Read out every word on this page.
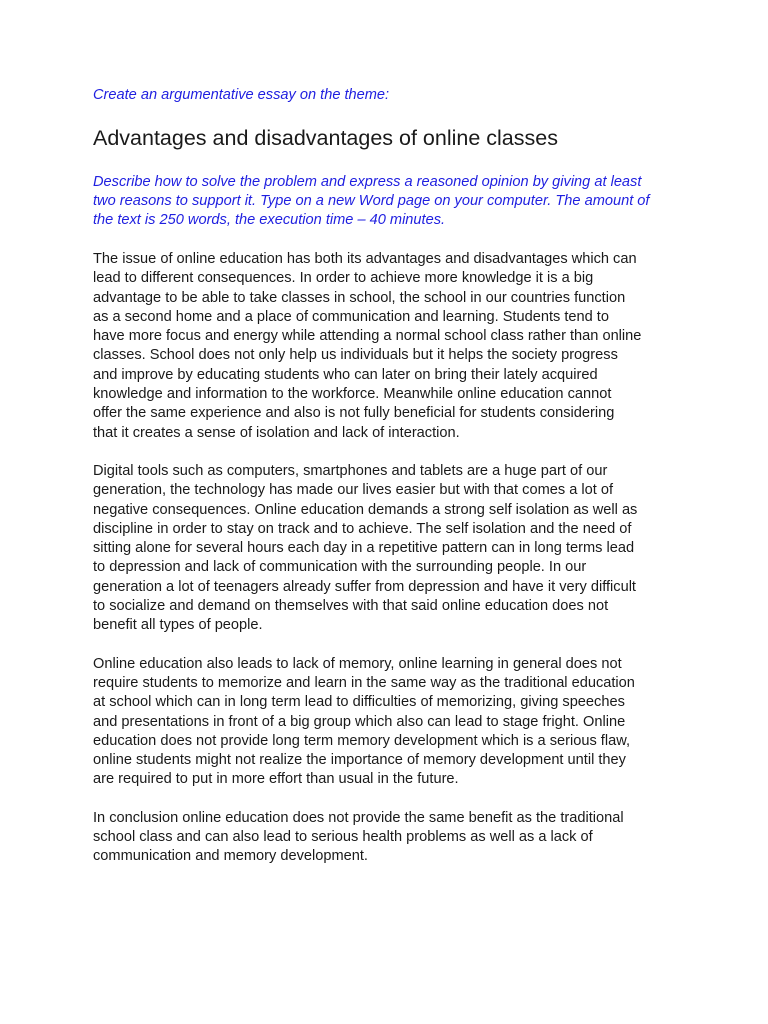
Create an argumentative essay on the theme:

Advantages and disadvantages of online classes

Describe how to solve the problem and express a reasoned opinion by giving at least
two reasons to support it. Type on a new Word page on your computer. The amount of
the text is 250 words, the execution time – 40 minutes.

The issue of online education has both its advantages and disadvantages which can
lead to different consequences. In order to achieve more knowledge it is a big
advantage to be able to take classes in school, the school in our countries function
as a second home and a place of communication and learning. Students tend to
have more focus and energy while attending a normal school class rather than online
classes. School does not only help us individuals but it helps the society progress
and improve by educating students who can later on bring their lately acquired
knowledge and information to the workforce. Meanwhile online education cannot
offer the same experience and also is not fully beneficial for students considering
that it creates a sense of isolation and lack of interaction.

Digital tools such as computers, smartphones and tablets are a huge part of our
generation, the technology has made our lives easier but with that comes a lot of
negative consequences. Online education demands a strong self isolation as well as
discipline in order to stay on track and to achieve. The self isolation and the need of
sitting alone for several hours each day in a repetitive pattern can in long terms lead
to depression and lack of communication with the surrounding people. In our
generation a lot of teenagers already suffer from depression and have it very difficult
to socialize and demand on themselves with that said online education does not
benefit all types of people.

Online education also leads to lack of memory, online learning in general does not
require students to memorize and learn in the same way as the traditional education
at school which can in long term lead to difficulties of memorizing, giving speeches
and presentations in front of a big group which also can lead to stage fright. Online
education does not provide long term memory development which is a serious flaw,
online students might not realize the importance of memory development until they
are required to put in more effort than usual in the future.

In conclusion online education does not provide the same benefit as the traditional
school class and can also lead to serious health problems as well as a lack of
communication and memory development.
